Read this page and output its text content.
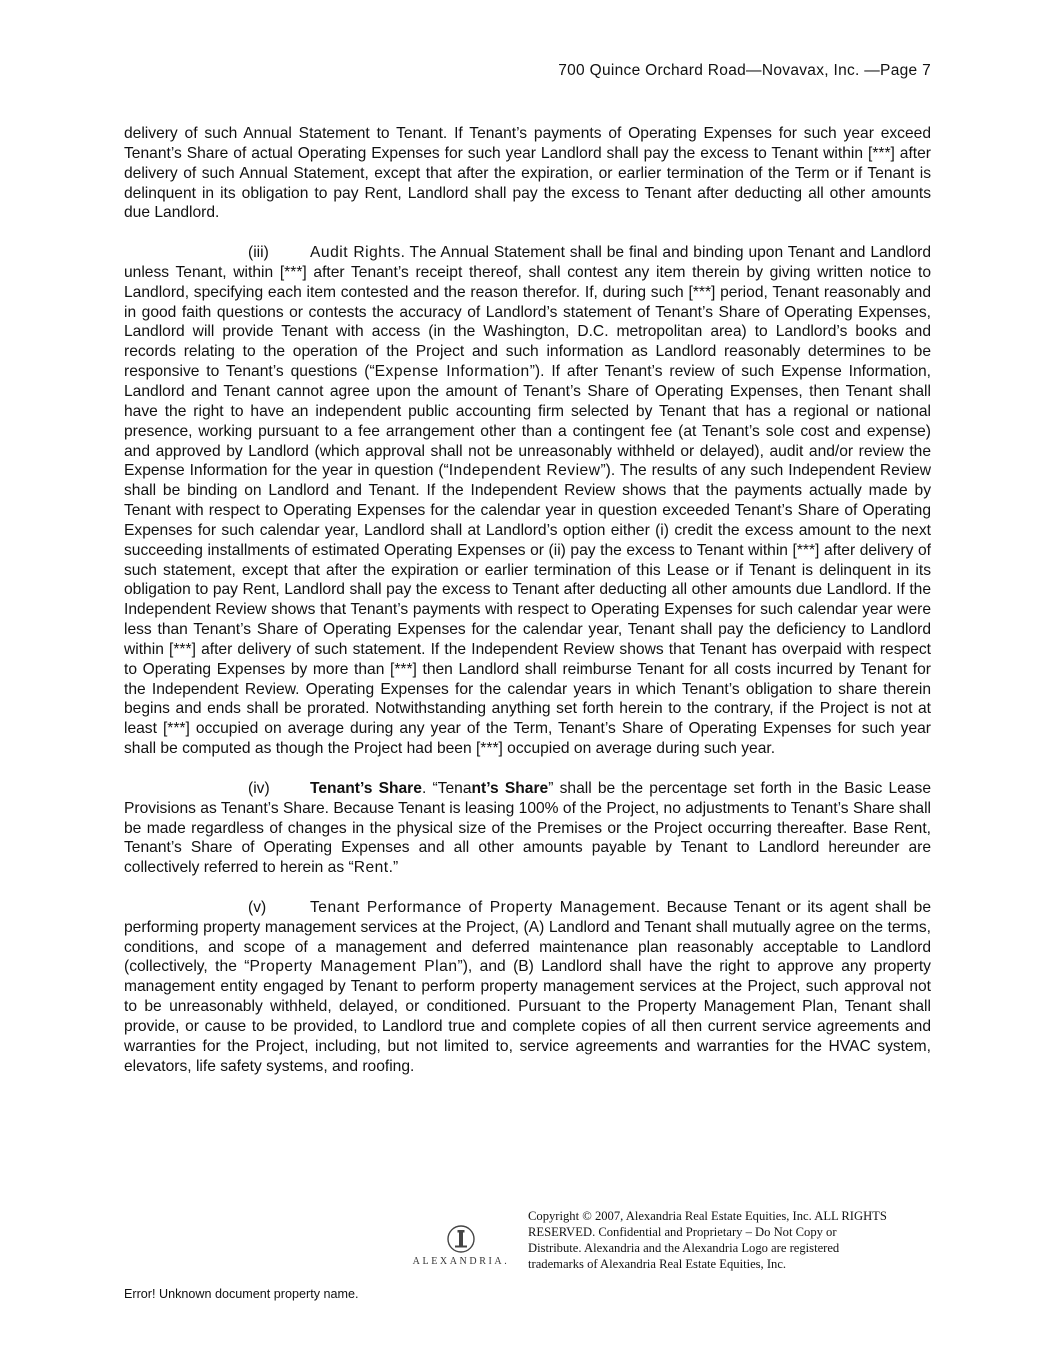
700 Quince Orchard Road—Novavax, Inc. —Page 7

delivery of such Annual Statement to Tenant. If Tenant’s payments of Operating Expenses for such year exceed Tenant’s Share of actual Operating Expenses for such year Landlord shall pay the excess to Tenant within [***] after delivery of such Annual Statement, except that after the expiration, or earlier termination of the Term or if Tenant is delinquent in its obligation to pay Rent, Landlord shall pay the excess to Tenant after deducting all other amounts due Landlord.

(iii)	Audit Rights. The Annual Statement shall be final and binding upon Tenant and Landlord unless Tenant, within [***] after Tenant’s receipt thereof, shall contest any item therein by giving written notice to Landlord, specifying each item contested and the reason therefor. If, during such [***] period, Tenant reasonably and in good faith questions or contests the accuracy of Landlord’s statement of Tenant’s Share of Operating Expenses, Landlord will provide Tenant with access (in the Washington, D.C. metropolitan area) to Landlord’s books and records relating to the operation of the Project and such information as Landlord reasonably determines to be responsive to Tenant’s questions (“Expense Information”). If after Tenant’s review of such Expense Information, Landlord and Tenant cannot agree upon the amount of Tenant’s Share of Operating Expenses, then Tenant shall have the right to have an independent public accounting firm selected by Tenant that has a regional or national presence, working pursuant to a fee arrangement other than a contingent fee (at Tenant’s sole cost and expense) and approved by Landlord (which approval shall not be unreasonably withheld or delayed), audit and/or review the Expense Information for the year in question (“Independent Review”). The results of any such Independent Review shall be binding on Landlord and Tenant. If the Independent Review shows that the payments actually made by Tenant with respect to Operating Expenses for the calendar year in question exceeded Tenant’s Share of Operating Expenses for such calendar year, Landlord shall at Landlord’s option either (i) credit the excess amount to the next succeeding installments of estimated Operating Expenses or (ii) pay the excess to Tenant within [***] after delivery of such statement, except that after the expiration or earlier termination of this Lease or if Tenant is delinquent in its obligation to pay Rent, Landlord shall pay the excess to Tenant after deducting all other amounts due Landlord. If the Independent Review shows that Tenant’s payments with respect to Operating Expenses for such calendar year were less than Tenant’s Share of Operating Expenses for the calendar year, Tenant shall pay the deficiency to Landlord within [***] after delivery of such statement. If the Independent Review shows that Tenant has overpaid with respect to Operating Expenses by more than [***] then Landlord shall reimburse Tenant for all costs incurred by Tenant for the Independent Review. Operating Expenses for the calendar years in which Tenant’s obligation to share therein begins and ends shall be prorated. Notwithstanding anything set forth herein to the contrary, if the Project is not at least [***] occupied on average during any year of the Term, Tenant’s Share of Operating Expenses for such year shall be computed as though the Project had been [***] occupied on average during such year.

(iv)	Tenant’s Share. “Tenant’s Share” shall be the percentage set forth in the Basic Lease Provisions as Tenant’s Share. Because Tenant is leasing 100% of the Project, no adjustments to Tenant’s Share shall be made regardless of changes in the physical size of the Premises or the Project occurring thereafter. Base Rent, Tenant’s Share of Operating Expenses and all other amounts payable by Tenant to Landlord hereunder are collectively referred to herein as “Rent.”

(v)	Tenant Performance of Property Management. Because Tenant or its agent shall be performing property management services at the Project, (A) Landlord and Tenant shall mutually agree on the terms, conditions, and scope of a management and deferred maintenance plan reasonably acceptable to Landlord (collectively, the “Property Management Plan”), and (B) Landlord shall have the right to approve any property management entity engaged by Tenant to perform property management services at the Project, such approval not to be unreasonably withheld, delayed, or conditioned. Pursuant to the Property Management Plan, Tenant shall provide, or cause to be provided, to Landlord true and complete copies of all then current service agreements and warranties for the Project, including, but not limited to, service agreements and warranties for the HVAC system, elevators, life safety systems, and roofing.

ALEXANDRIA.
Copyright © 2007, Alexandria Real Estate Equities, Inc. ALL RIGHTS RESERVED. Confidential and Proprietary – Do Not Copy or Distribute. Alexandria and the Alexandria Logo are registered trademarks of Alexandria Real Estate Equities, Inc.
Error! Unknown document property name.
